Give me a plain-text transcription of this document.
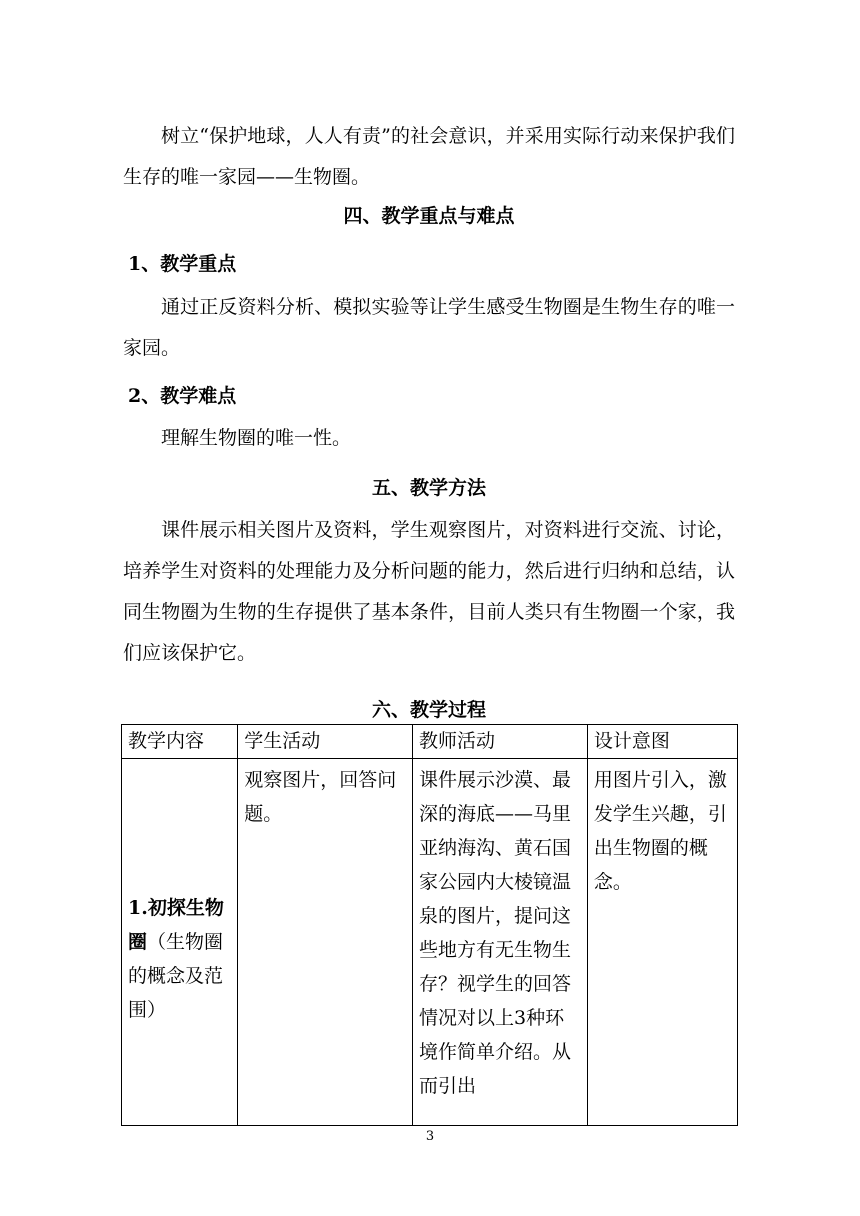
树立“保护地球，人人有责”的社会意识，并采用实际行动来保护我们生存的唯一家园——生物圈。

四、教学重点与难点
1、教学重点

通过正反资料分析、模拟实验等让学生感受生物圈是生物生存的唯一家园。

2、教学难点

理解生物圈的唯一性。

五、教学方法

课件展示相关图片及资料，学生观察图片，对资料进行交流、讨论，培养学生对资料的处理能力及分析问题的能力，然后进行归纳和总结，认同生物圈为生物的生存提供了基本条件，目前人类只有生物圈一个家，我们应该保护它。

六、教学过程
教学内容	学生活动	教师活动	设计意图
1.初探生物圈（生物圈的概念及范围）	观察图片，回答问题。	课件展示沙漠、最深的海底——马里亚纳海沟、黄石国家公园内大棱镜温泉的图片，提问这些地方有无生物生存？视学生的回答情况对以上3种环境作简单介绍。从而引出	用图片引入，激发学生兴趣，引出生物圈的概念。
3
